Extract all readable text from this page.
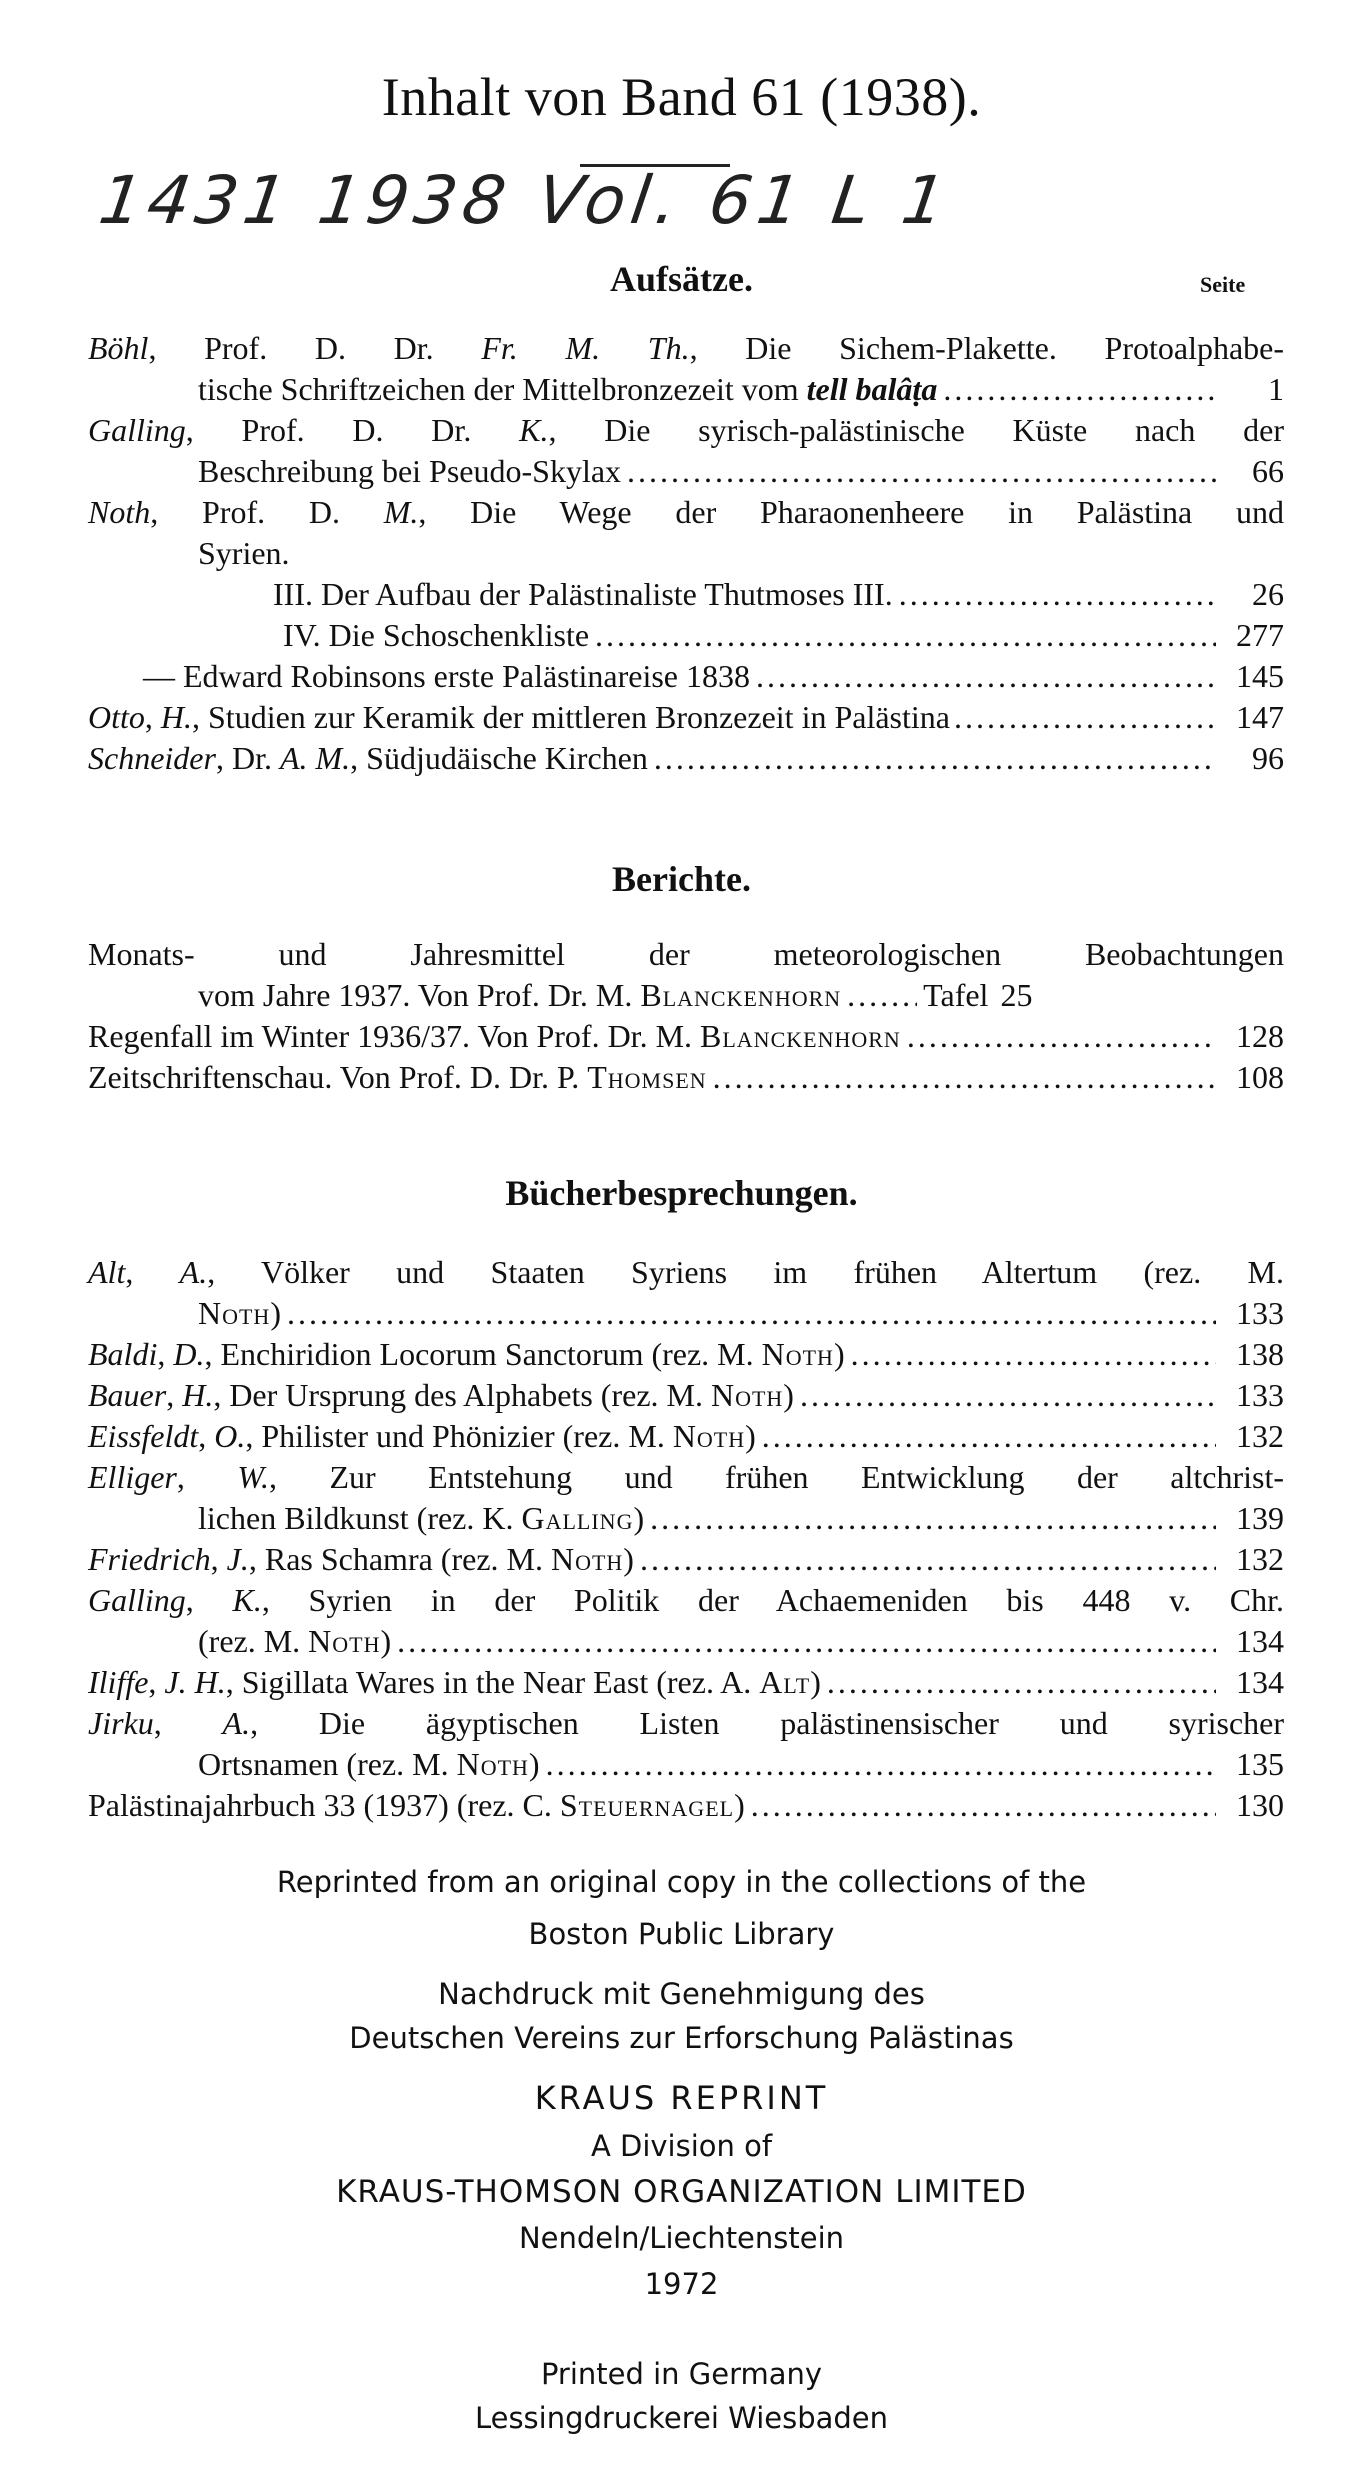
Inhalt von Band 61 (1938).
1431 1938 Vol. 61 L 1
Aufsätze.	Seite
Böhl, Prof. D. Dr. Fr. M. Th., Die Sichem-Plakette. Protoalphabe-
tische Schriftzeichen der Mittelbronzezeit vom tell balâṭa .....	1
Galling, Prof. D. Dr. K., Die syrisch-palästinische Küste nach der
Beschreibung bei Pseudo-Skylax .....	66
Noth, Prof. D. M., Die Wege der Pharaonenheere in Palästina und
Syrien.
III. Der Aufbau der Palästinaliste Thutmoses III. .....	26
IV. Die Schoschenkliste .....	277
— Edward Robinsons erste Palästinareise 1838 .....	145
Otto, H., Studien zur Keramik der mittleren Bronzezeit in Palästina .....	147
Schneider, Dr. A. M., Südjudäische Kirchen .....	96
Berichte.
Monats- und Jahresmittel der meteorologischen Beobachtungen
vom Jahre 1937. Von Prof. Dr. M. Blanckenhorn .....	Tafel 25
Regenfall im Winter 1936/37. Von Prof. Dr. M. Blanckenhorn .....	128
Zeitschriftenschau. Von Prof. D. Dr. P. Thomsen .....	108
Bücherbesprechungen.
Alt, A., Völker und Staaten Syriens im frühen Altertum (rez. M.
Noth) .....	133
Baldi, D., Enchiridion Locorum Sanctorum (rez. M. Noth) .....	138
Bauer, H., Der Ursprung des Alphabets (rez. M. Noth) .....	133
Eissfeldt, O., Philister und Phönizier (rez. M. Noth) .....	132
Elliger, W., Zur Entstehung und frühen Entwicklung der altchrist-
lichen Bildkunst (rez. K. Galling) .....	139
Friedrich, J., Ras Schamra (rez. M. Noth) .....	132
Galling, K., Syrien in der Politik der Achaemeniden bis 448 v. Chr.
(rez. M. Noth) .....	134
Iliffe, J. H., Sigillata Wares in the Near East (rez. A. Alt) .....	134
Jirku, A., Die ägyptischen Listen palästinensischer und syrischer
Ortsnamen (rez. M. Noth) .....	135
Palästinajahrbuch 33 (1937) (rez. C. Steuernagel) .....	130
Reprinted from an original copy in the collections of the
Boston Public Library
Nachdruck mit Genehmigung des
Deutschen Vereins zur Erforschung Palästinas
KRAUS REPRINT
A Division of
KRAUS-THOMSON ORGANIZATION LIMITED
Nendeln/Liechtenstein
1972
Printed in Germany
Lessingdruckerei Wiesbaden
